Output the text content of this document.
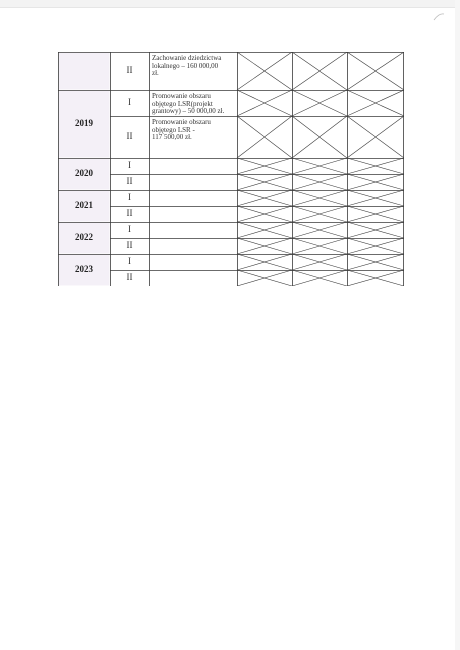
2019
2020
2021
2022
2023
II
Zachowanie dziedzictwa
lokalnego – 160 000,00
zł.
I
Promowanie obszaru
objętego LSR(projekt
grantowy) – 50 000,00 zł.
II
Promowanie obszaru
objętego LSR -
117 500,00 zł.
I
II
I
II
I
II
I
II
